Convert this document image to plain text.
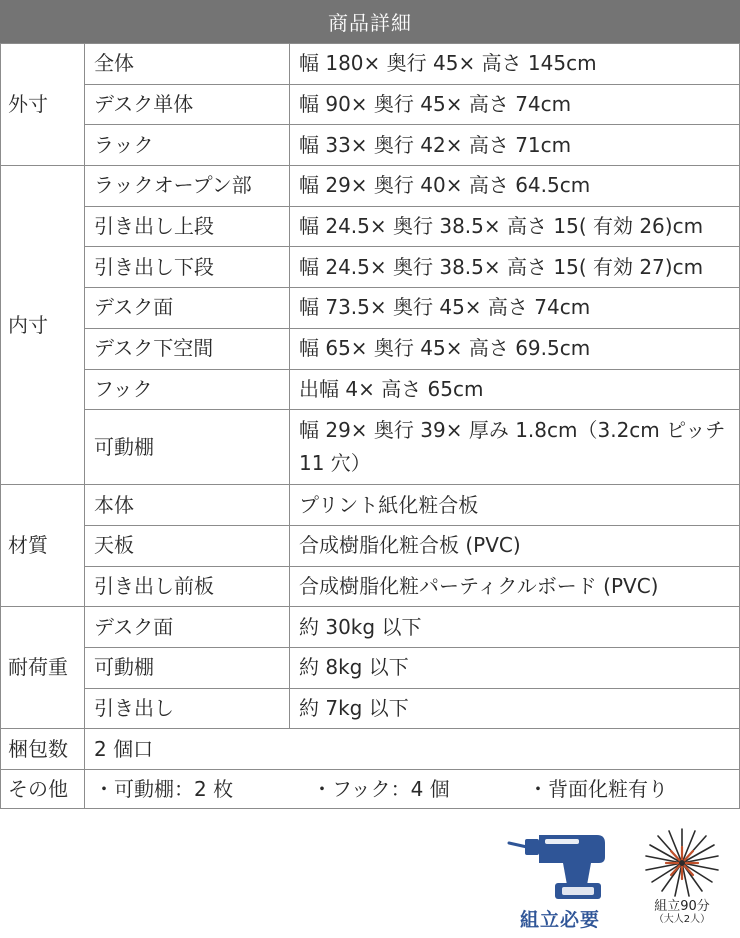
商品詳細
外寸	全体	幅 180× 奥行 45× 高さ 145cm
	デスク単体	幅 90× 奥行 45× 高さ 74cm
	ラック	幅 33× 奥行 42× 高さ 71cm
内寸	ラックオープン部	幅 29× 奥行 40× 高さ 64.5cm
	引き出し上段	幅 24.5× 奥行 38.5× 高さ 15( 有効 26)cm
	引き出し下段	幅 24.5× 奥行 38.5× 高さ 15( 有効 27)cm
	デスク面	幅 73.5× 奥行 45× 高さ 74cm
	デスク下空間	幅 65× 奥行 45× 高さ 69.5cm
	フック	出幅 4× 高さ 65cm
	可動棚	幅 29× 奥行 39× 厚み 1.8cm（3.2cm ピッチ 11 穴）
材質	本体	プリント紙化粧合板
	天板	合成樹脂化粧合板 (PVC)
	引き出し前板	合成樹脂化粧パーティクルボード (PVC)
耐荷重	デスク面	約 30kg 以下
	可動棚	約 8kg 以下
	引き出し	約 7kg 以下
梱包数	2 個口	
その他	・可動棚：2 枚 ・フック：4 個 ・背面化粧有り	
組立必要
組立90分
（大人2人）
